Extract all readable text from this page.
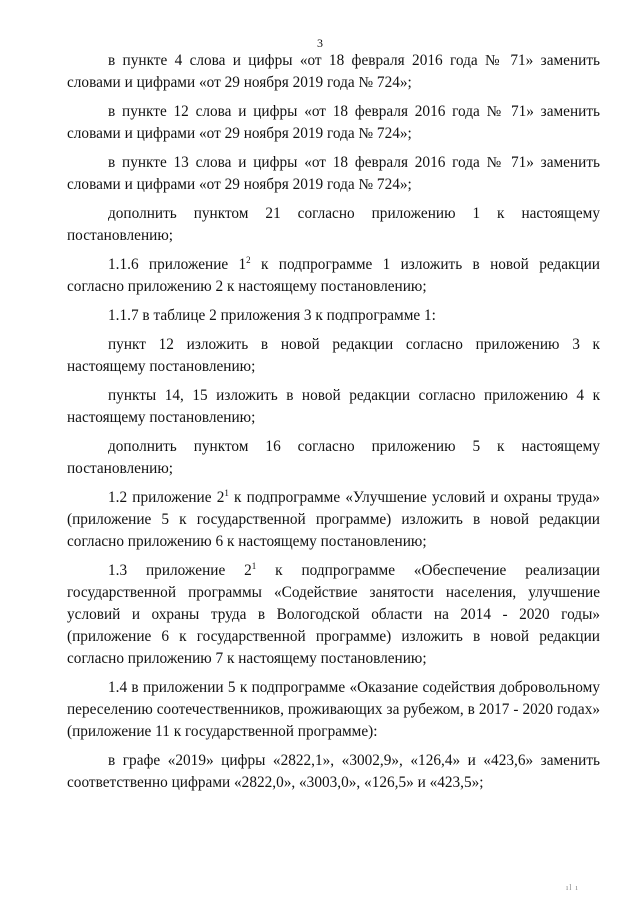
3

в пункте 4 слова и цифры «от 18 февраля 2016 года № 71» заменить словами и цифрами «от 29 ноября 2019 года № 724»;

в пункте 12 слова и цифры «от 18 февраля 2016 года № 71» заменить словами и цифрами «от 29 ноября 2019 года № 724»;

в пункте 13 слова и цифры «от 18 февраля 2016 года № 71» заменить словами и цифрами «от 29 ноября 2019 года № 724»;

дополнить пунктом 21 согласно приложению 1 к настоящему постановлению;

1.1.6 приложение $1^2$ к подпрограмме 1 изложить в новой редакции согласно приложению 2 к настоящему постановлению;

1.1.7 в таблице 2 приложения 3 к подпрограмме 1:

пункт 12 изложить в новой редакции согласно приложению 3 к настоящему постановлению;

пункты 14, 15 изложить в новой редакции согласно приложению 4 к настоящему постановлению;

дополнить пунктом 16 согласно приложению 5 к настоящему постановлению;

1.2 приложение $2^1$ к подпрограмме «Улучшение условий и охраны труда» (приложение 5 к государственной программе) изложить в новой редакции согласно приложению 6 к настоящему постановлению;

1.3 приложение $2^1$ к подпрограмме «Обеспечение реализации государственной программы «Содействие занятости населения, улучшение условий и охраны труда в Вологодской области на 2014 - 2020 годы» (приложение 6 к государственной программе) изложить в новой редакции согласно приложению 7 к настоящему постановлению;

1.4 в приложении 5 к подпрограмме «Оказание содействия добровольному переселению соотечественников, проживающих за рубежом, в 2017 - 2020 годах» (приложение 11 к государственной программе):

в графе «2019» цифры «2822,1», «3002,9», «126,4» и «423,6» заменить соответственно цифрами «2822,0», «3003,0», «126,5» и «423,5»;

ıl ı
